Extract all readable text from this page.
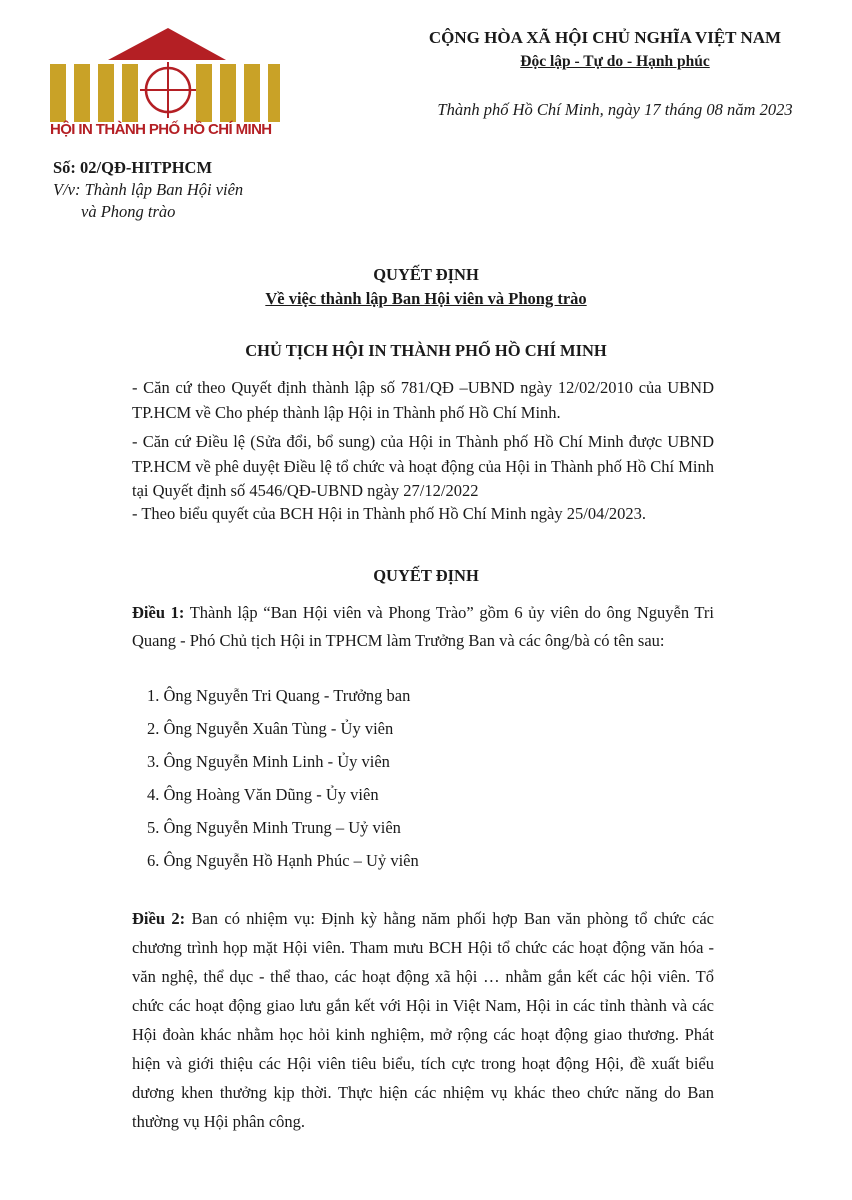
HỘI IN THÀNH PHỐ HỒ CHÍ MINH
CỘNG HÒA XÃ HỘI CHỦ NGHĨA VIỆT NAM
Độc lập - Tự do - Hạnh phúc
Thành phố Hồ Chí Minh, ngày 17 tháng 08 năm 2023
Số: 02/QĐ-HITPHCM
V/v: Thành lập Ban Hội viên
và Phong trào
QUYẾT ĐỊNH
Về việc thành lập Ban Hội viên và Phong trào
CHỦ TỊCH HỘI IN THÀNH PHỐ HỒ CHÍ MINH
- Căn cứ theo Quyết định thành lập số 781/QĐ –UBND ngày 12/02/2010 của UBND TP.HCM về Cho phép thành lập Hội in Thành phố Hồ Chí Minh.
- Căn cứ Điều lệ (Sửa đổi, bổ sung) của Hội in Thành phố Hồ Chí Minh được UBND TP.HCM về phê duyệt Điều lệ tổ chức và hoạt động của Hội in Thành phố Hồ Chí Minh tại Quyết định số 4546/QĐ-UBND ngày 27/12/2022
- Theo biểu quyết của BCH Hội in Thành phố Hồ Chí Minh ngày 25/04/2023.
QUYẾT ĐỊNH
Điều 1: Thành lập “Ban Hội viên và Phong Trào” gồm 6 ủy viên do ông Nguyễn Tri Quang - Phó Chủ tịch Hội in TPHCM làm Trưởng Ban và các ông/bà có tên sau:
1. Ông Nguyễn Tri Quang - Trưởng ban
2. Ông Nguyễn Xuân Tùng - Ủy viên
3. Ông Nguyễn Minh Linh - Ủy viên
4. Ông Hoàng Văn Dũng - Ủy viên
5. Ông Nguyễn Minh Trung – Uỷ viên
6. Ông Nguyễn Hồ Hạnh Phúc – Uỷ viên
Điều 2: Ban có nhiệm vụ: Định kỳ hằng năm phối hợp Ban văn phòng tổ chức các chương trình họp mặt Hội viên. Tham mưu BCH Hội tổ chức các hoạt động văn hóa - văn nghệ, thể dục - thể thao, các hoạt động xã hội … nhằm gắn kết các hội viên. Tổ chức các hoạt động giao lưu gắn kết với Hội in Việt Nam, Hội in các tỉnh thành và các Hội đoàn khác nhằm học hỏi kinh nghiệm, mở rộng các hoạt động giao thương. Phát hiện và giới thiệu các Hội viên tiêu biểu, tích cực trong hoạt động Hội, đề xuất biểu dương khen thưởng kịp thời. Thực hiện các nhiệm vụ khác theo chức năng do Ban thường vụ Hội phân công.
